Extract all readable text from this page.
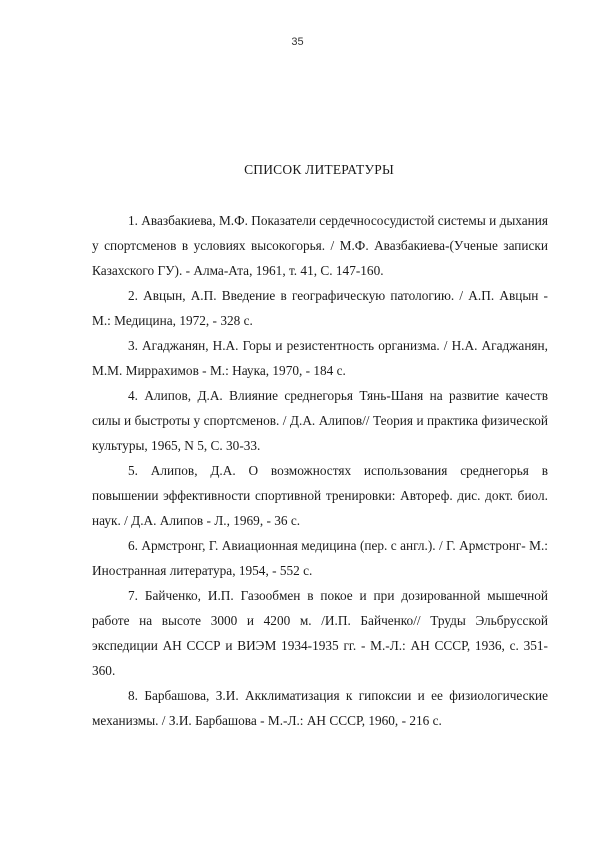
35
СПИСОК ЛИТЕРАТУРЫ

1. Авазбакиева, М.Ф. Показатели сердечнососудистой системы и дыхания у спортсменов в условиях высокогорья. / М.Ф. Авазбакиева-(Ученые записки Казахского ГУ). - Алма-Ата, 1961, т. 41, С. 147-160.

2. Авцын, А.П. Введение в географическую патологию. / А.П. Авцын - М.: Медицина, 1972, - 328 с.

3. Агаджанян, Н.А. Горы и резистентность организма. / Н.А. Агаджанян, М.М. Миррахимов - М.: Наука, 1970, - 184 с.

4. Алипов, Д.А. Влияние среднегорья Тянь-Шаня на развитие качеств силы и быстроты у спортсменов. / Д.А. Алипов// Теория и практика физической культуры, 1965, N 5, С. 30-33.

5. Алипов, Д.А. О возможностях использования среднегорья в повышении эффективности спортивной тренировки: Автореф. дис. докт. биол. наук. / Д.А. Алипов - Л., 1969, - 36 с.

6. Армстронг, Г. Авиационная медицина (пер. с англ.). / Г. Армстронг- М.: Иностранная литература, 1954, - 552 с.

7. Байченко, И.П. Газообмен в покое и при дозированной мышечной работе на высоте 3000 и 4200 м. /И.П. Байченко// Труды Эльбрусской экспедиции АН СССР и ВИЭМ 1934-1935 гг. - М.-Л.: АН СССР, 1936, с. 351-360.

8. Барбашова, З.И. Акклиматизация к гипоксии и ее физиологические механизмы. / З.И. Барбашова - М.-Л.: АН СССР, 1960, - 216 с.
